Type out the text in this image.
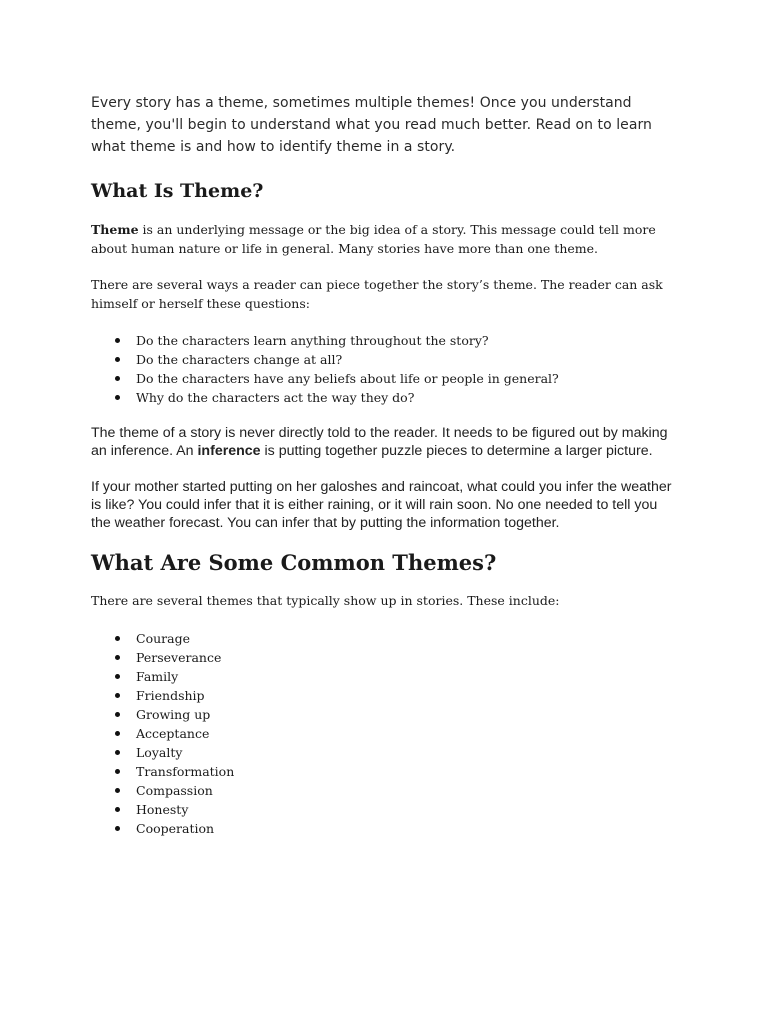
Every story has a theme, sometimes multiple themes! Once you understand theme, you'll begin to understand what you read much better. Read on to learn what theme is and how to identify theme in a story.

What Is Theme?

Theme is an underlying message or the big idea of a story. This message could tell more about human nature or life in general. Many stories have more than one theme.

There are several ways a reader can piece together the story’s theme. The reader can ask himself or herself these questions:

Do the characters learn anything throughout the story?
Do the characters change at all?
Do the characters have any beliefs about life or people in general?
Why do the characters act the way they do?

The theme of a story is never directly told to the reader. It needs to be figured out by making an inference. An inference is putting together puzzle pieces to determine a larger picture.

If your mother started putting on her galoshes and raincoat, what could you infer the weather is like? You could infer that it is either raining, or it will rain soon. No one needed to tell you the weather forecast. You can infer that by putting the information together.

What Are Some Common Themes?

There are several themes that typically show up in stories. These include:

Courage
Perseverance
Family
Friendship
Growing up
Acceptance
Loyalty
Transformation
Compassion
Honesty
Cooperation
